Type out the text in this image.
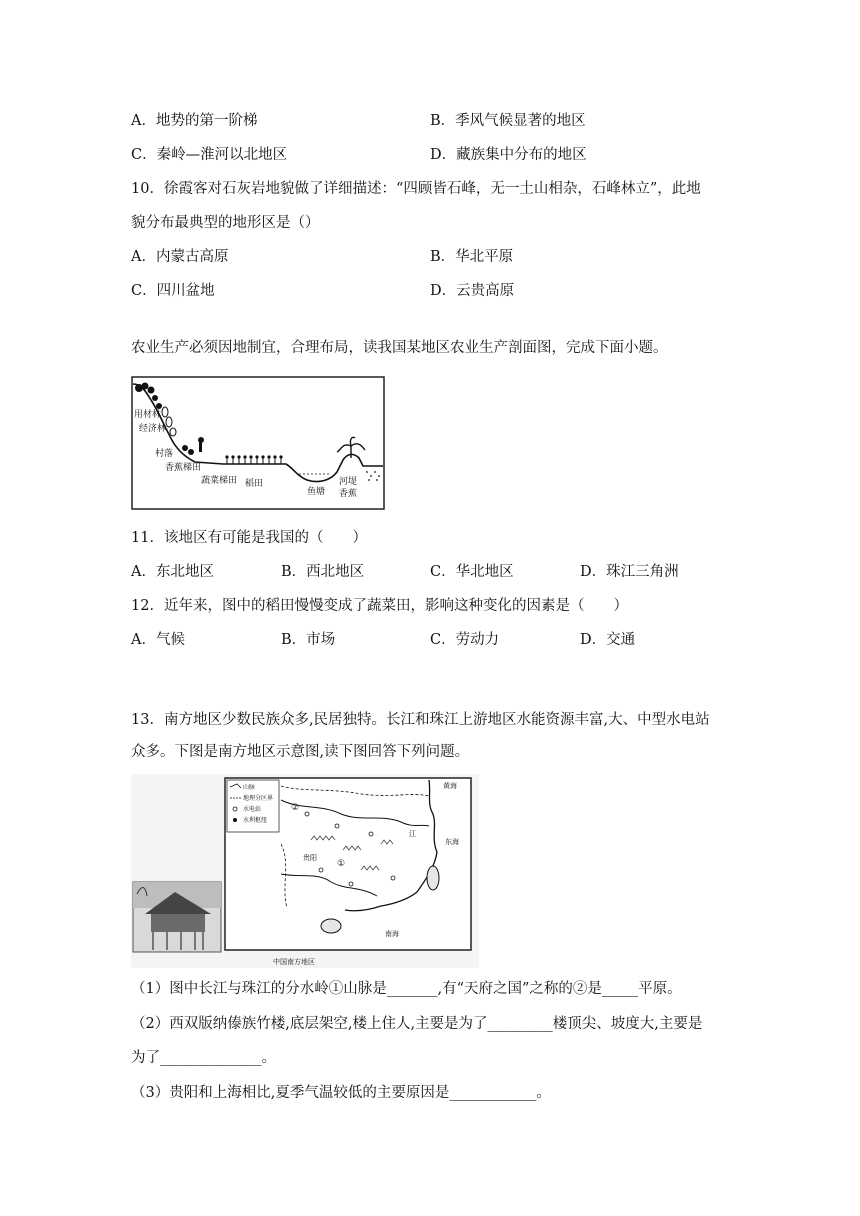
A．地势的第一阶梯	B．季风气候显著的地区
C．秦岭—淮河以北地区	D．藏族集中分布的地区
10．徐霞客对石灰岩地貌做了详细描述：“四顾皆石峰，无一土山相杂，石峰林立”，此地
貌分布最典型的地形区是（）
A．内蒙古高原	B．华北平原
C．四川盆地	D．云贵高原
农业生产必须因地制宜，合理布局，读我国某地区农业生产剖面图，完成下面小题。
用材林
经济林
村落
香蕉梯田
蔬菜梯田 稻田
鱼塘
河堤
香蕉
11．该地区有可能是我国的（　　）
A．东北地区	B．西北地区	C．华北地区	D．珠江三角洲
12．近年来，图中的稻田慢慢变成了蔬菜田，影响这种变化的因素是（　　）
A．气候	B．市场	C．劳动力	D．交通
13．南方地区少数民族众多,民居独特。长江和珠江上游地区水能资源丰富,大、中型水电站
众多。下图是南方地区示意图,读下图回答下列问题。
山脉
地理分区界
水电站
水利枢纽
黄海
东海
南海
贵阳
江
①
②
中国南方地区
（1）图中长江与珠江的分水岭①山脉是_______,有“天府之国”之称的②是_____平原。
（2）西双版纳傣族竹楼,底层架空,楼上住人,主要是为了_________楼顶尖、坡度大,主要是
为了______________。
（3）贵阳和上海相比,夏季气温较低的主要原因是____________。
